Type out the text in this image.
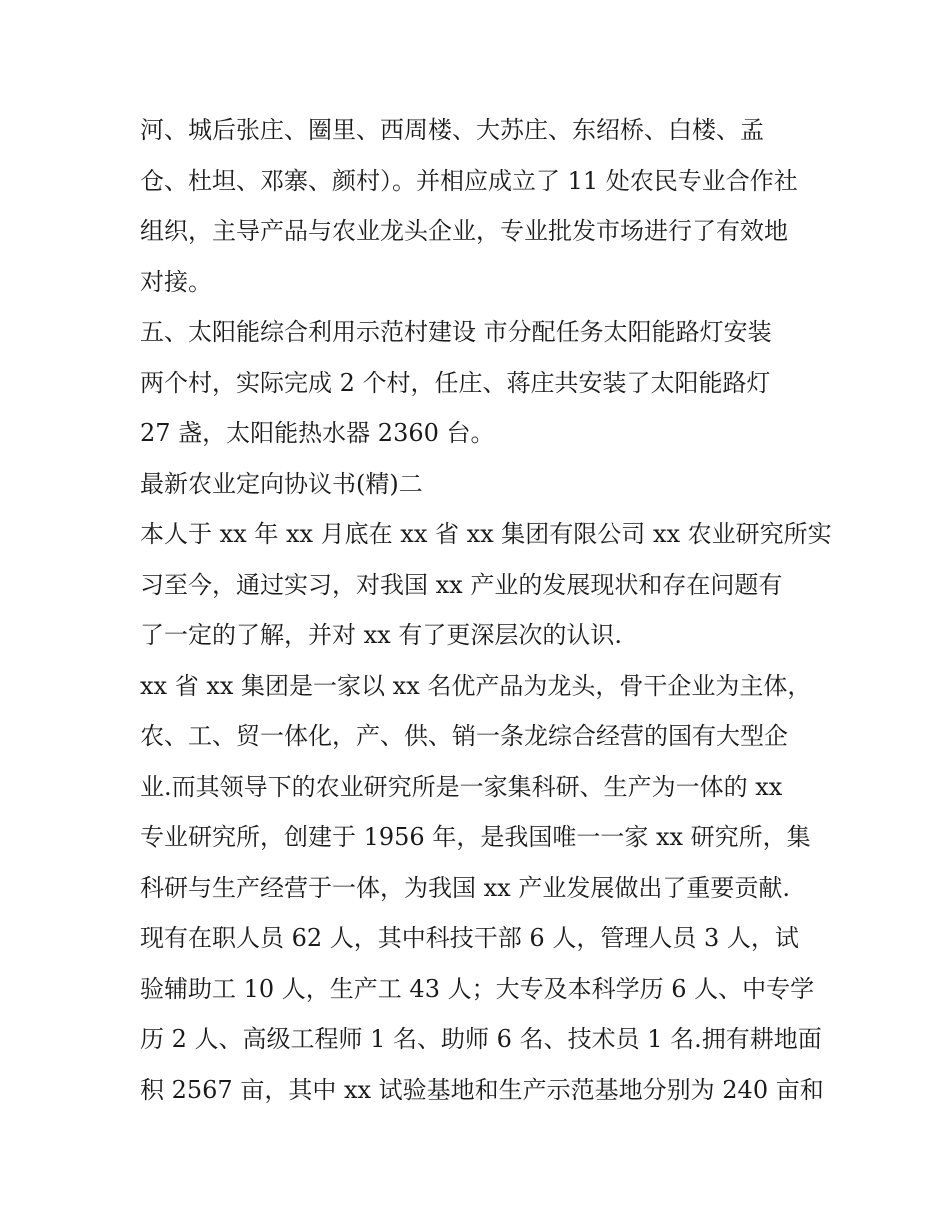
河、城后张庄、圈里、西周楼、大苏庄、东绍桥、白楼、孟
仓、杜坦、邓寨、颜村）。并相应成立了 11 处农民专业合作社
组织，主导产品与农业龙头企业，专业批发市场进行了有效地
对接。
五、太阳能综合利用示范村建设 市分配任务太阳能路灯安装
两个村，实际完成 2 个村，任庄、蒋庄共安装了太阳能路灯
27 盏，太阳能热水器 2360 台。
最新农业定向协议书(精)二
本人于 xx 年 xx 月底在 xx 省 xx 集团有限公司 xx 农业研究所实
习至今，通过实习，对我国 xx 产业的发展现状和存在问题有
了一定的了解，并对 xx 有了更深层次的认识.
xx 省 xx 集团是一家以 xx 名优产品为龙头，骨干企业为主体，
农、工、贸一体化，产、供、销一条龙综合经营的国有大型企
业.而其领导下的农业研究所是一家集科研、生产为一体的 xx
专业研究所，创建于 1956 年，是我国唯一一家 xx 研究所，集
科研与生产经营于一体，为我国 xx 产业发展做出了重要贡献.
现有在职人员 62 人，其中科技干部 6 人，管理人员 3 人，试
验辅助工 10 人，生产工 43 人；大专及本科学历 6 人、中专学
历 2 人、高级工程师 1 名、助师 6 名、技术员 1 名.拥有耕地面
积 2567 亩，其中 xx 试验基地和生产示范基地分别为 240 亩和
